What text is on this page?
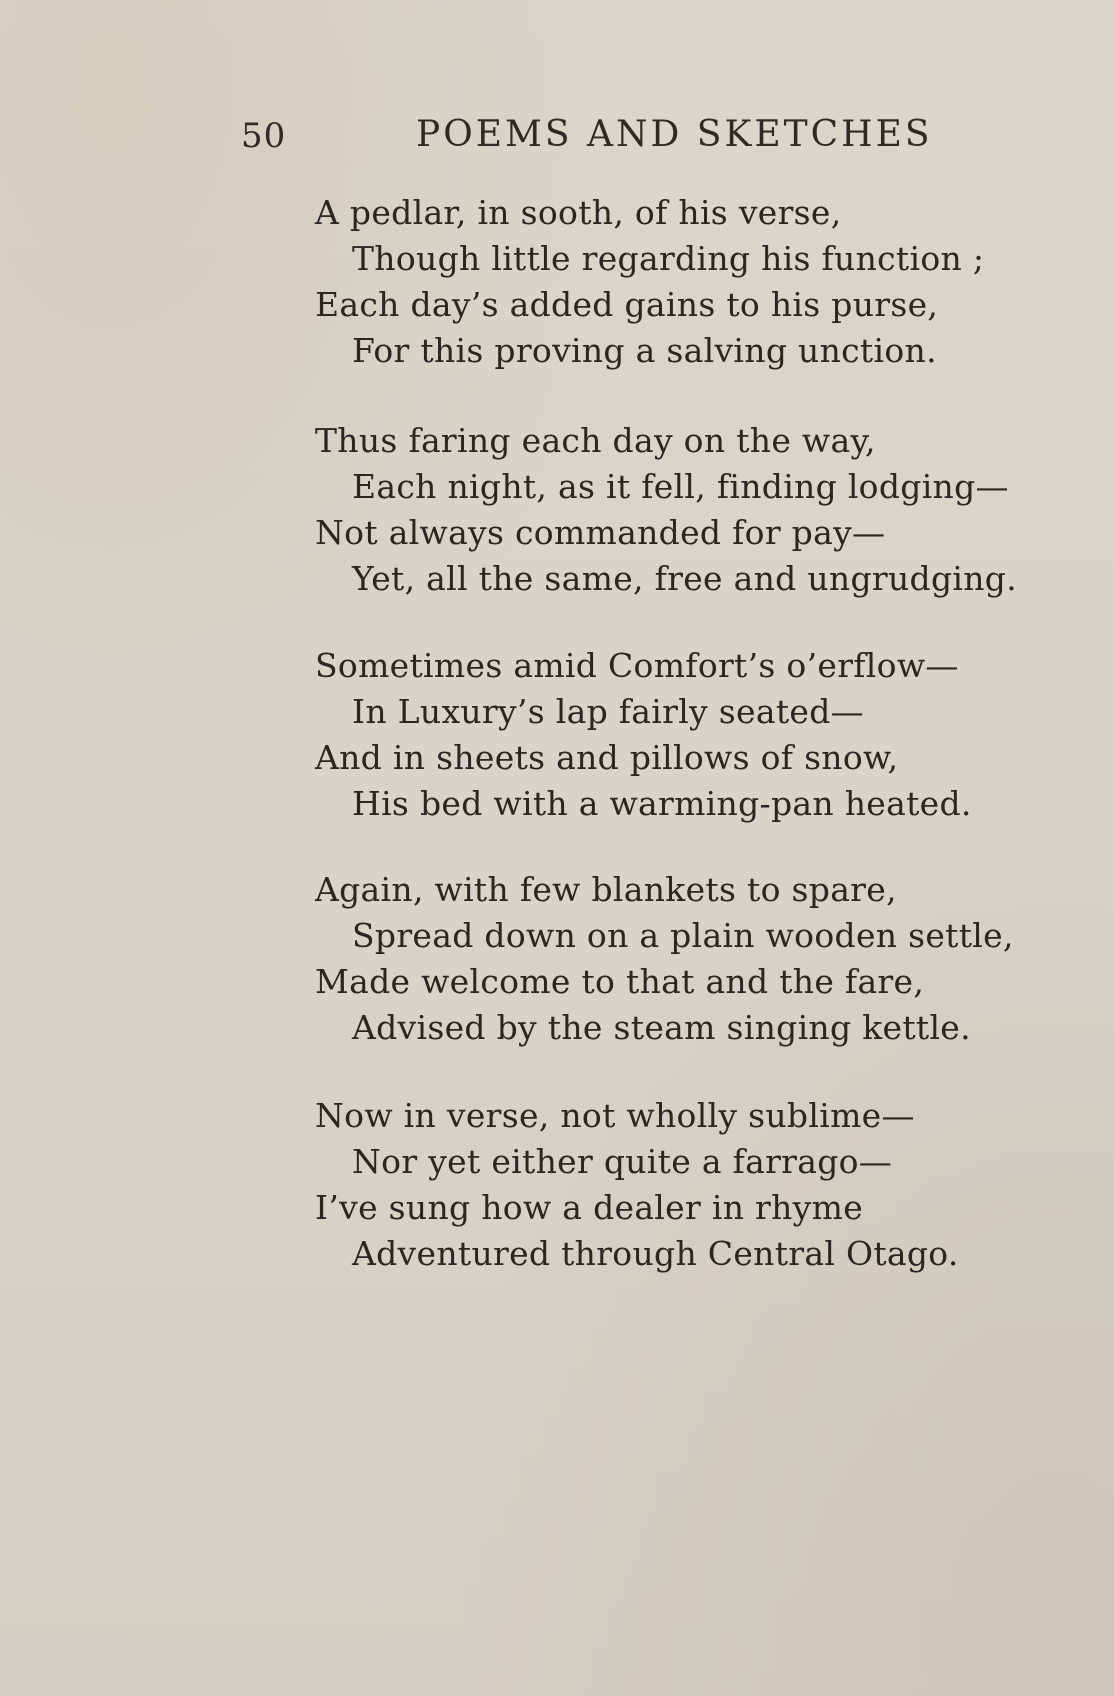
50	POEMS AND SKETCHES
A pedlar, in sooth, of his verse,
Though little regarding his function ;
Each day’s added gains to his purse,
For this proving a salving unction.
Thus faring each day on the way,
Each night, as it fell, finding lodging—
Not always commanded for pay—
Yet, all the same, free and ungrudging.
Sometimes amid Comfort’s o’erflow—
In Luxury’s lap fairly seated—
And in sheets and pillows of snow,
His bed with a warming-pan heated.
Again, with few blankets to spare,
Spread down on a plain wooden settle,
Made welcome to that and the fare,
Advised by the steam singing kettle.
Now in verse, not wholly sublime—
Nor yet either quite a farrago—
I’ve sung how a dealer in rhyme
Adventured through Central Otago.
